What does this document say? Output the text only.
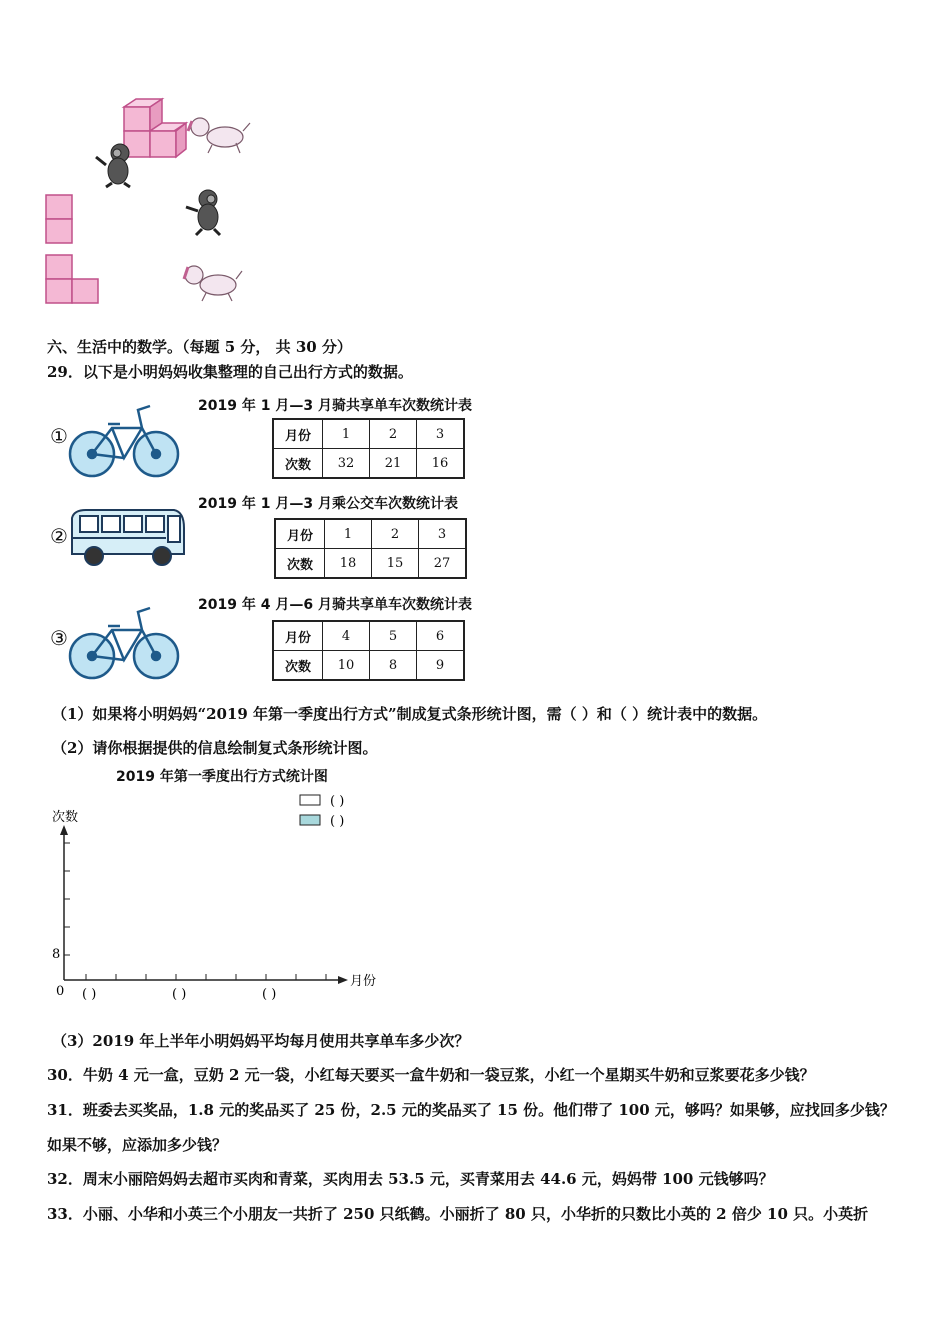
六、生活中的数学。（每题 5 分， 共 30 分）
29．以下是小明妈妈收集整理的自己出行方式的数据。
①
2019 年 1 月—3 月骑共享单车次数统计表
月份	1	2	3
次数	32	21	16
②
2019 年 1 月—3 月乘公交车次数统计表
月份	1	2	3
次数	18	15	27
③
2019 年 4 月—6 月骑共享单车次数统计表
月份	4	5	6
次数	10	8	9
（1）如果将小明妈妈“2019 年第一季度出行方式”制成复式条形统计图，需（ ）和（ ）统计表中的数据。
（2）请你根据提供的信息绘制复式条形统计图。
2019 年第一季度出行方式统计图
次数
( )
( )
8
0
月份
( )	( )	( )
（3）2019 年上半年小明妈妈平均每月使用共享单车多少次？
30．牛奶 4 元一盒，豆奶 2 元一袋，小红每天要买一盒牛奶和一袋豆浆，小红一个星期买牛奶和豆浆要花多少钱？
31．班委去买奖品，1.8 元的奖品买了 25 份，2.5 元的奖品买了 15 份。他们带了 100 元，够吗？如果够，应找回多少钱？
如果不够，应添加多少钱？
32．周末小丽陪妈妈去超市买肉和青菜，买肉用去 53.5 元，买青菜用去 44.6 元，妈妈带 100 元钱够吗？
33．小丽、小华和小英三个小朋友一共折了 250 只纸鹤。小丽折了 80 只，小华折的只数比小英的 2 倍少 10 只。小英折
